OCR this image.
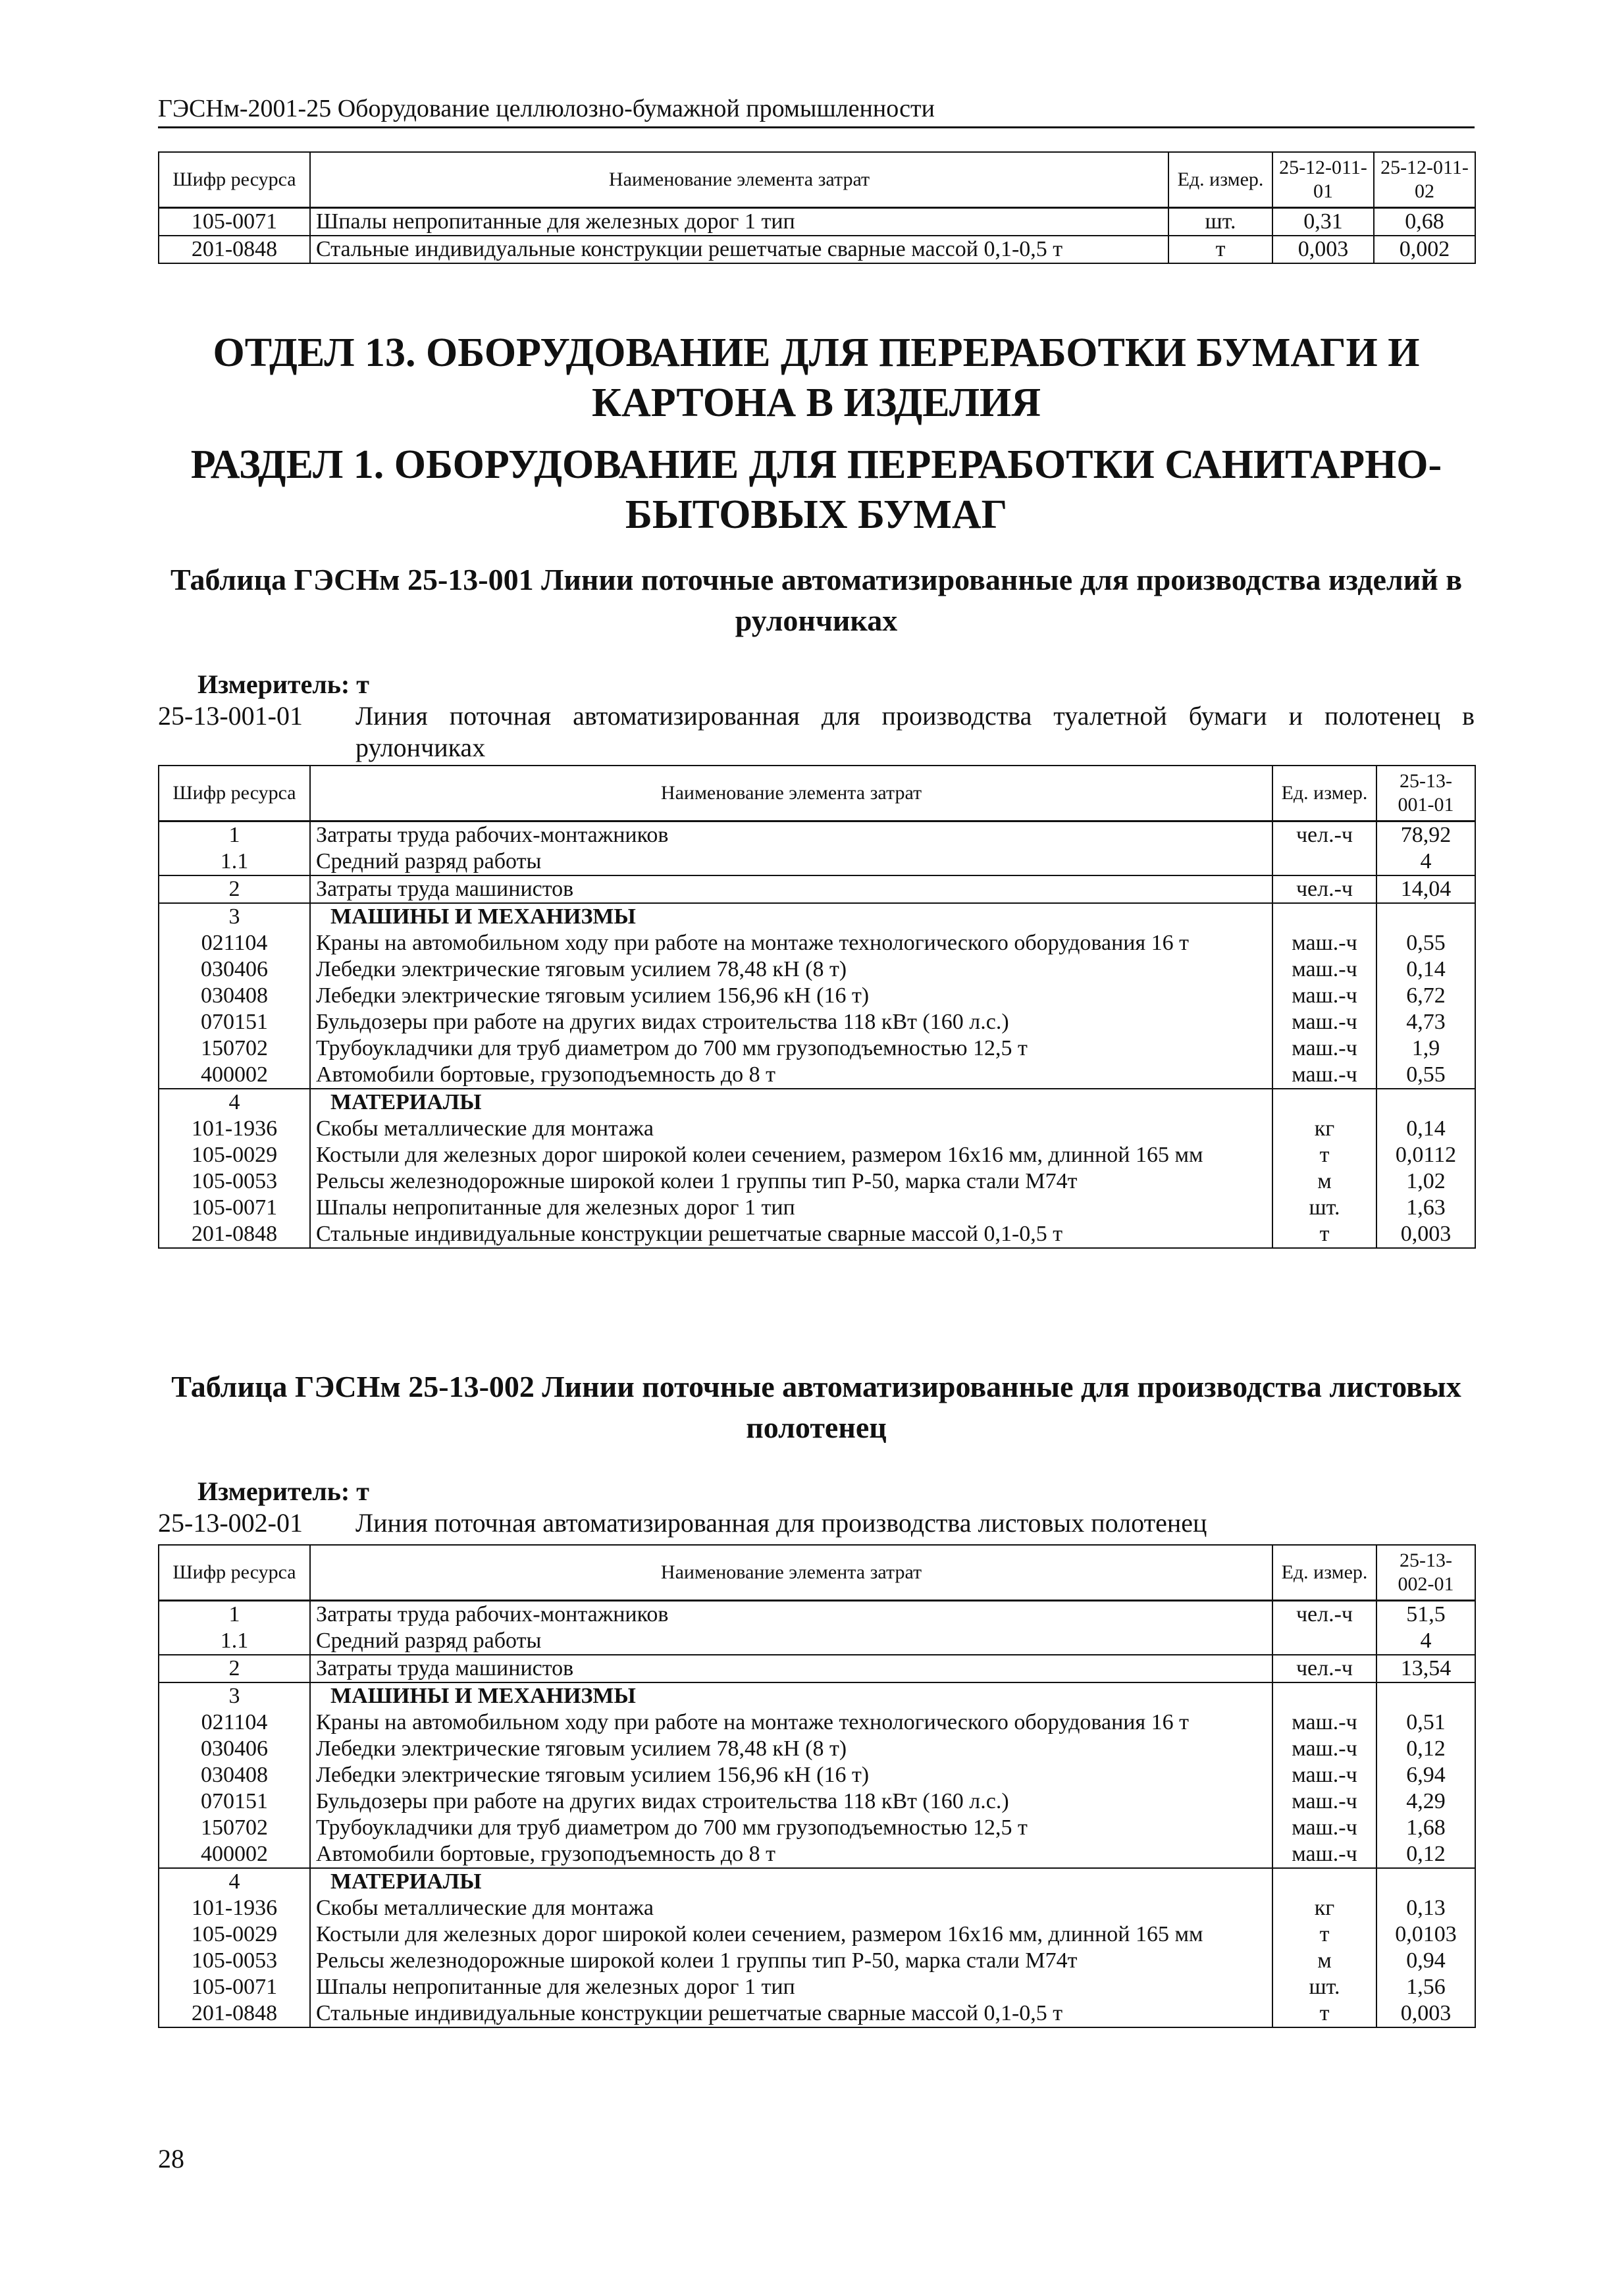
ГЭСНм-2001-25 Оборудование целлюлозно-бумажной промышленности
Шифр ресурса	Наименование элемента затрат	Ед. измер.	25-12-011-01	25-12-011-02
105-0071	Шпалы непропитанные для железных дорог 1 тип	шт.	0,31	0,68
201-0848	Стальные индивидуальные конструкции решетчатые сварные массой 0,1-0,5 т	т	0,003	0,002
ОТДЕЛ 13. ОБОРУДОВАНИЕ ДЛЯ ПЕРЕРАБОТКИ БУМАГИ И КАРТОНА В ИЗДЕЛИЯ
РАЗДЕЛ 1. ОБОРУДОВАНИЕ ДЛЯ ПЕРЕРАБОТКИ САНИТАРНО-БЫТОВЫХ БУМАГ
Таблица ГЭСНм 25-13-001 Линии поточные автоматизированные для производства изделий в рулончиках
Измеритель: т
25-13-001-01 Линия поточная автоматизированная для производства туалетной бумаги и полотенец в рулончиках
Шифр ресурса	Наименование элемента затрат	Ед. измер.	25-13-001-01
1	Затраты труда рабочих-монтажников	чел.-ч	78,92
1.1	Средний разряд работы		4
2	Затраты труда машинистов	чел.-ч	14,04
3	МАШИНЫ И МЕХАНИЗМЫ		
021104	Краны на автомобильном ходу при работе на монтаже технологического оборудования 16 т	маш.-ч	0,55
030406	Лебедки электрические тяговым усилием 78,48 кН (8 т)	маш.-ч	0,14
030408	Лебедки электрические тяговым усилием 156,96 кН (16 т)	маш.-ч	6,72
070151	Бульдозеры при работе на других видах строительства 118 кВт (160 л.с.)	маш.-ч	4,73
150702	Трубоукладчики для труб диаметром до 700 мм грузоподъемностью 12,5 т	маш.-ч	1,9
400002	Автомобили бортовые, грузоподъемность до 8 т	маш.-ч	0,55
4	МАТЕРИАЛЫ		
101-1936	Скобы металлические для монтажа	кг	0,14
105-0029	Костыли для железных дорог широкой колеи сечением, размером 16х16 мм, длинной 165 мм	т	0,0112
105-0053	Рельсы железнодорожные широкой колеи 1 группы тип Р-50, марка стали М74т	м	1,02
105-0071	Шпалы непропитанные для железных дорог 1 тип	шт.	1,63
201-0848	Стальные индивидуальные конструкции решетчатые сварные массой 0,1-0,5 т	т	0,003
Таблица ГЭСНм 25-13-002 Линии поточные автоматизированные для производства листовых полотенец
Измеритель: т
25-13-002-01 Линия поточная автоматизированная для производства листовых полотенец
Шифр ресурса	Наименование элемента затрат	Ед. измер.	25-13-002-01
1	Затраты труда рабочих-монтажников	чел.-ч	51,5
1.1	Средний разряд работы		4
2	Затраты труда машинистов	чел.-ч	13,54
3	МАШИНЫ И МЕХАНИЗМЫ		
021104	Краны на автомобильном ходу при работе на монтаже технологического оборудования 16 т	маш.-ч	0,51
030406	Лебедки электрические тяговым усилием 78,48 кН (8 т)	маш.-ч	0,12
030408	Лебедки электрические тяговым усилием 156,96 кН (16 т)	маш.-ч	6,94
070151	Бульдозеры при работе на других видах строительства 118 кВт (160 л.с.)	маш.-ч	4,29
150702	Трубоукладчики для труб диаметром до 700 мм грузоподъемностью 12,5 т	маш.-ч	1,68
400002	Автомобили бортовые, грузоподъемность до 8 т	маш.-ч	0,12
4	МАТЕРИАЛЫ		
101-1936	Скобы металлические для монтажа	кг	0,13
105-0029	Костыли для железных дорог широкой колеи сечением, размером 16х16 мм, длинной 165 мм	т	0,0103
105-0053	Рельсы железнодорожные широкой колеи 1 группы тип Р-50, марка стали М74т	м	0,94
105-0071	Шпалы непропитанные для железных дорог 1 тип	шт.	1,56
201-0848	Стальные индивидуальные конструкции решетчатые сварные массой 0,1-0,5 т	т	0,003
28
